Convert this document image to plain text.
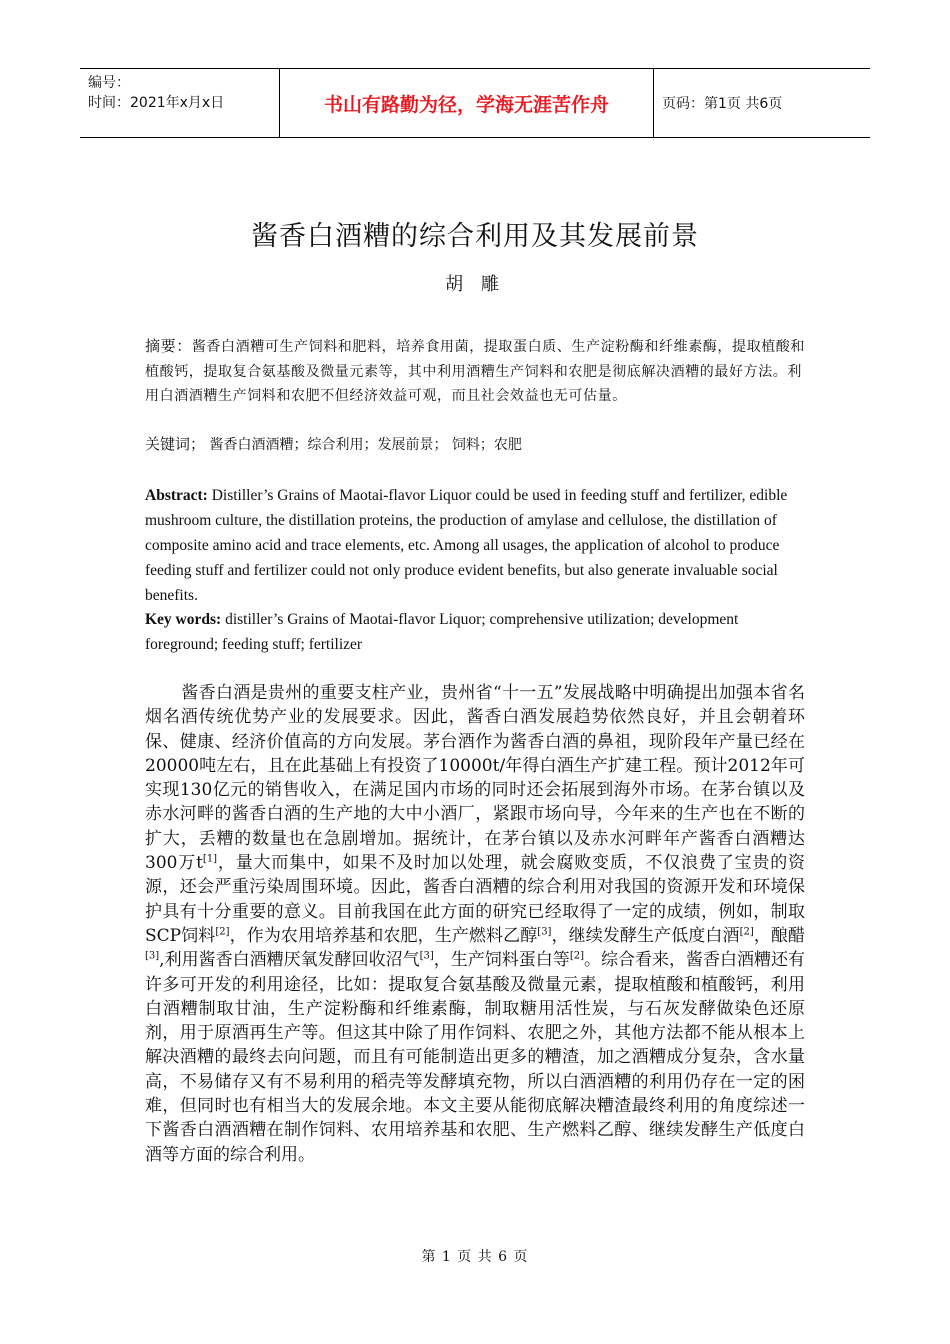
编号：
时间：2021年x月x日	书山有路勤为径，学海无涯苦作舟	页码：第1页 共6页
酱香白酒糟的综合利用及其发展前景
胡 雕
摘要：酱香白酒糟可生产饲料和肥料，培养食用菌，提取蛋白质、生产淀粉酶和纤维素酶，提取植酸和植酸钙，提取复合氨基酸及微量元素等，其中利用酒糟生产饲料和农肥是彻底解决酒糟的最好方法。利用白酒酒糟生产饲料和农肥不但经济效益可观，而且社会效益也无可估量。
关键词； 酱香白酒酒糟；综合利用；发展前景； 饲料；农肥
Abstract: Distiller’s Grains of Maotai-flavor Liquor could be used in feeding stuff and fertilizer, edible mushroom culture, the distillation proteins, the production of amylase and cellulose, the distillation of composite amino acid and trace elements, etc. Among all usages, the application of alcohol to produce feeding stuff and fertilizer could not only produce evident benefits, but also generate invaluable social benefits.
Key words: distiller’s Grains of Maotai-flavor Liquor; comprehensive utilization; development foreground; feeding stuff; fertilizer
酱香白酒是贵州的重要支柱产业，贵州省“十一五”发展战略中明确提出加强本省名烟名酒传统优势产业的发展要求。因此，酱香白酒发展趋势依然良好，并且会朝着环保、健康、经济价值高的方向发展。茅台酒作为酱香白酒的鼻祖，现阶段年产量已经在20000吨左右，且在此基础上有投资了10000t/年得白酒生产扩建工程。预计2012年可实现130亿元的销售收入，在满足国内市场的同时还会拓展到海外市场。在茅台镇以及赤水河畔的酱香白酒的生产地的大中小酒厂，紧跟市场向导，今年来的生产也在不断的扩大，丢糟的数量也在急剧增加。据统计，在茅台镇以及赤水河畔年产酱香白酒糟达300万t[1]，量大而集中，如果不及时加以处理，就会腐败变质，不仅浪费了宝贵的资源，还会严重污染周围环境。因此，酱香白酒糟的综合利用对我国的资源开发和环境保护具有十分重要的意义。目前我国在此方面的研究已经取得了一定的成绩，例如，制取SCP饲料[2]，作为农用培养基和农肥，生产燃料乙醇[3]，继续发酵生产低度白酒[2]，酿醋[3],利用酱香白酒糟厌氧发酵回收沼气[3]，生产饲料蛋白等[2]。综合看来，酱香白酒糟还有许多可开发的利用途径，比如：提取复合氨基酸及微量元素，提取植酸和植酸钙，利用白酒糟制取甘油，生产淀粉酶和纤维素酶，制取糖用活性炭，与石灰发酵做染色还原剂，用于原酒再生产等。但这其中除了用作饲料、农肥之外，其他方法都不能从根本上解决酒糟的最终去向问题，而且有可能制造出更多的糟渣，加之酒糟成分复杂，含水量高，不易储存又有不易利用的稻壳等发酵填充物，所以白酒酒糟的利用仍存在一定的困难，但同时也有相当大的发展余地。本文主要从能彻底解决糟渣最终利用的角度综述一下酱香白酒酒糟在制作饲料、农用培养基和农肥、生产燃料乙醇、继续发酵生产低度白酒等方面的综合利用。
第 1 页 共 6 页
